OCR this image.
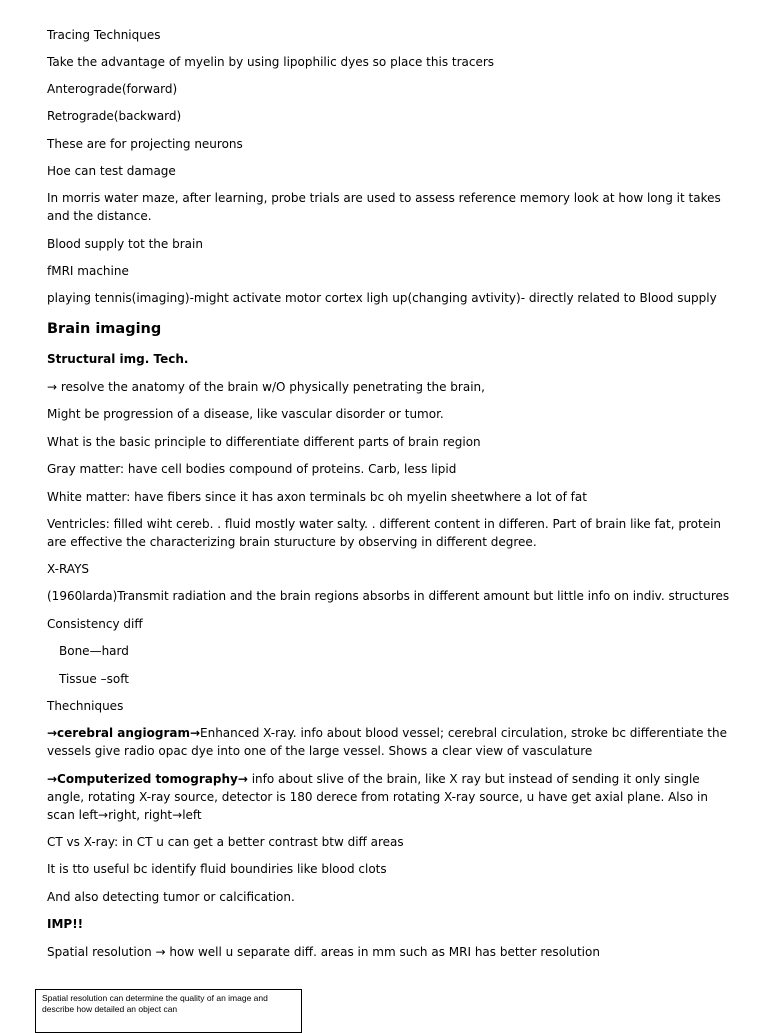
Tracing Techniques
Take the advantage of myelin by using lipophilic dyes so place this tracers
Anterograde(forward)
Retrograde(backward)
These are for projecting neurons
Hoe can test damage
In morris water maze, after learning, probe trials are used to assess reference memory look at how long it takes and the distance.
Blood supply tot the brain
fMRI machine
playing tennis(imaging)-might activate motor cortex ligh up(changing avtivity)- directly related to Blood supply
Brain imaging
Structural img. Tech.
→ resolve the anatomy of the brain w/O physically penetrating the brain,
Might be progression of a disease, like vascular disorder or tumor.
What is the basic principle to differentiate different parts of brain region
Gray matter: have cell bodies compound of proteins. Carb, less lipid
White matter: have fibers since it has axon terminals bc oh myelin sheetwhere a lot of fat
Ventricles: filled wiht cereb. . fluid mostly water salty. . different content in differen. Part of brain like fat, protein are effective the characterizing brain sturucture by observing in different degree.
X-RAYS
(1960larda)Transmit radiation and the brain regions absorbs in different amount but little info on indiv. structures
Consistency diff
Bone—hard
Tissue –soft
Thechniques
→cerebral angiogram→Enhanced X-ray. info about blood vessel; cerebral circulation, stroke bc differentiate the vessels give radio opac dye into one of the large vessel. Shows a clear view of vasculature
→Computerized tomography→ info about slive of the brain, like X ray but instead of sending it only single angle, rotating X-ray source, detector is 180 derece from rotating X-ray source, u have get axial plane. Also in scan left→right, right→left
CT vs X-ray: in CT u can get a better contrast btw diff areas
It is tto useful bc identify fluid boundiries like blood clots
And also detecting tumor or calcification.
IMP!!
Spatial resolution → how well u separate diff. areas in mm such as MRI has better resolution
Spatial resolution can determine the quality of an image and describe how detailed an object can
